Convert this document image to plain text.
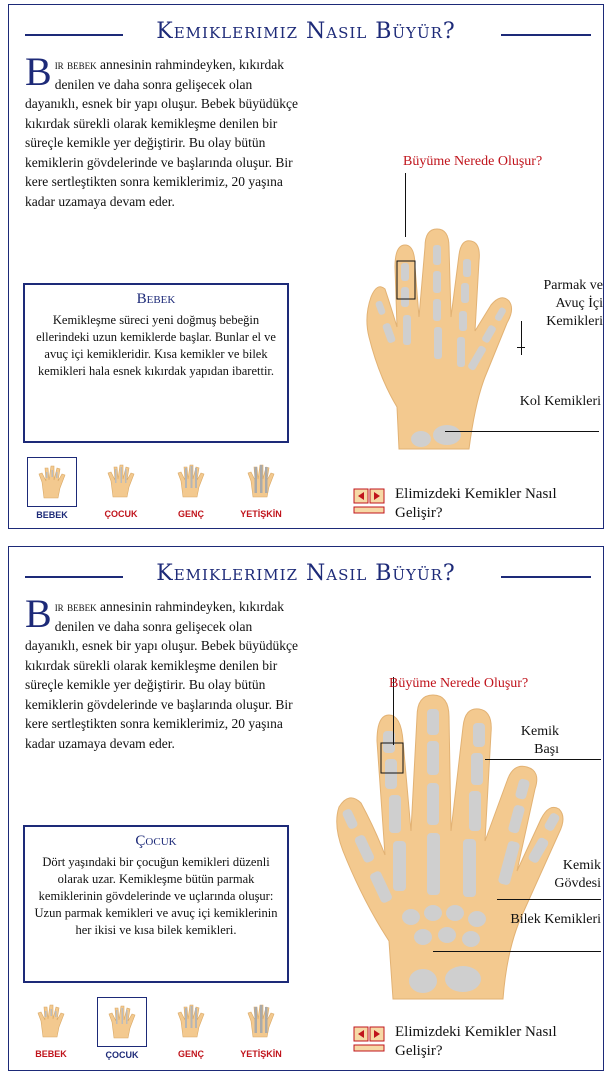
Kemiklerimiz Nasıl Büyür?
Bir bebek annesinin rahmindeyken, kıkırdak denilen ve daha sonra gelişecek olan dayanıklı, esnek bir yapı oluşur. Bebek büyüdükçe kıkırdak sürekli olarak kemikleşme denilen bir süreçle kemikle yer değiştirir. Bu olay bütün kemiklerin gövdelerinde ve başlarında oluşur. Bir kere sertleştikten sonra kemiklerimiz, 20 yaşına kadar uzamaya devam eder.
Bebek
Kemikleşme süreci yeni doğmuş bebeğin ellerindeki uzun kemiklerde başlar. Bunlar el ve avuç içi kemikleridir. Kısa kemikler ve bilek kemikleri hala esnek kıkırdak yapıdan ibarettir.
BEBEK	ÇOCUK	GENÇ	YETİŞKİN
Büyüme Nerede Oluşur?
Parmak ve Avuç İçi Kemikleri
Kol Kemikleri
Elimizdeki Kemikler Nasıl Gelişir?
Kemiklerimiz Nasıl Büyür?
Bir bebek annesinin rahmindeyken, kıkırdak denilen ve daha sonra gelişecek olan dayanıklı, esnek bir yapı oluşur. Bebek büyüdükçe kıkırdak sürekli olarak kemikleşme denilen bir süreçle kemikle yer değiştirir. Bu olay bütün kemiklerin gövdelerinde ve başlarında oluşur. Bir kere sertleştikten sonra kemiklerimiz, 20 yaşına kadar uzamaya devam eder.
Çocuk
Dört yaşındaki bir çocuğun kemikleri düzenli olarak uzar. Kemikleşme bütün parmak kemiklerinin gövdelerinde ve uçlarında oluşur: Uzun parmak kemikleri ve avuç içi kemiklerinin her ikisi ve kısa bilek kemikleri.
BEBEK	ÇOCUK	GENÇ	YETİŞKİN
Büyüme Nerede Oluşur?
Kemik Başı
Kemik Gövdesi
Bilek Kemikleri
Elimizdeki Kemikler Nasıl Gelişir?
